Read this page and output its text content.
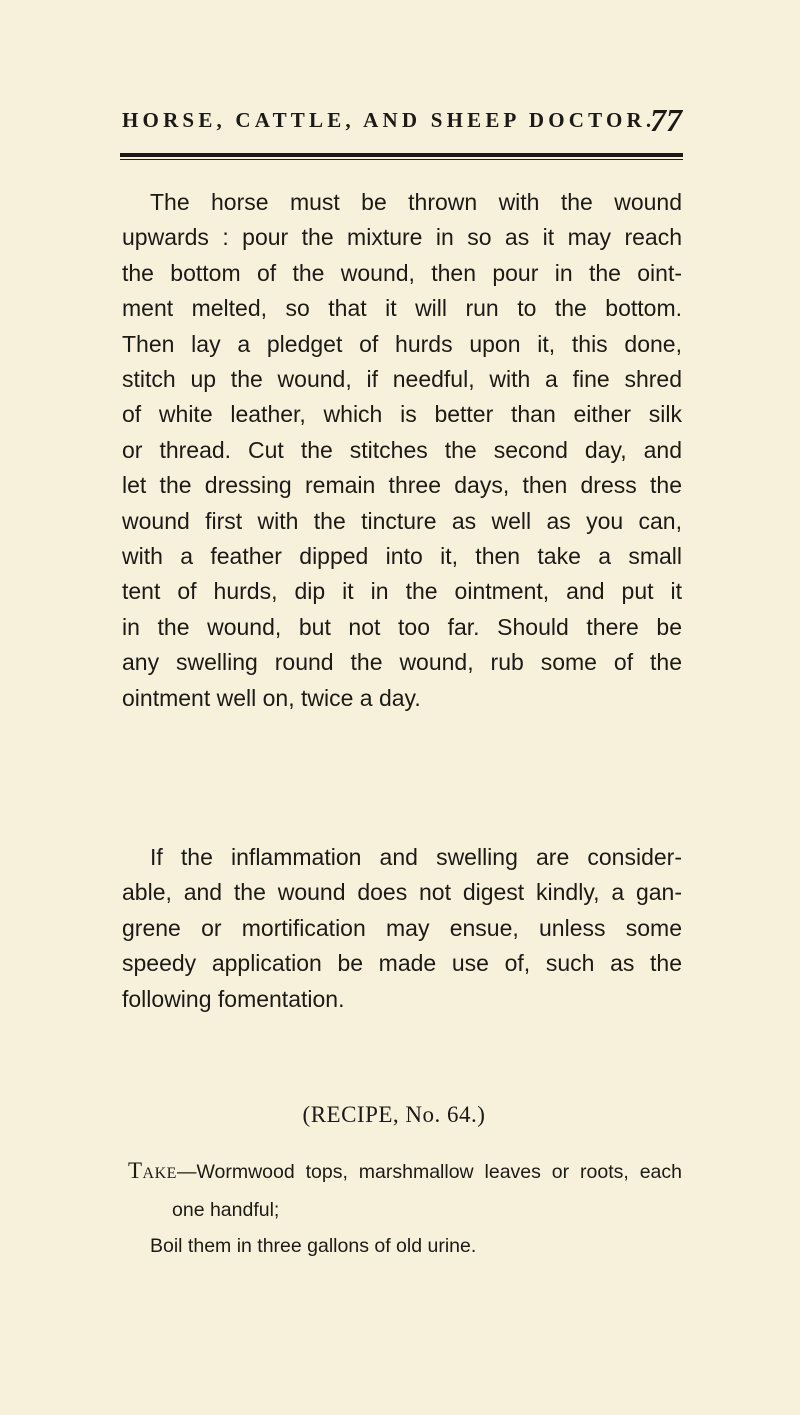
HORSE, CATTLE, AND SHEEP DOCTOR.
77
The horse must be thrown with the wound
upwards : pour the mixture in so as it may reach
the bottom of the wound, then pour in the oint-
ment melted, so that it will run to the bottom.
Then lay a pledget of hurds upon it, this done,
stitch up the wound, if needful, with a fine shred
of white leather, which is better than either silk
or thread. Cut the stitches the second day, and
let the dressing remain three days, then dress the
wound first with the tincture as well as you can,
with a feather dipped into it, then take a small
tent of hurds, dip it in the ointment, and put it
in the wound, but not too far. Should there be
any swelling round the wound, rub some of the
ointment well on, twice a day.
If the inflammation and swelling are consider-
able, and the wound does not digest kindly, a gan-
grene or mortification may ensue, unless some
speedy application be made use of, such as the
following fomentation.
(RECIPE, No. 64.)
Take—Wormwood tops, marshmallow leaves or roots, each
one handful;
Boil them in three gallons of old urine.
